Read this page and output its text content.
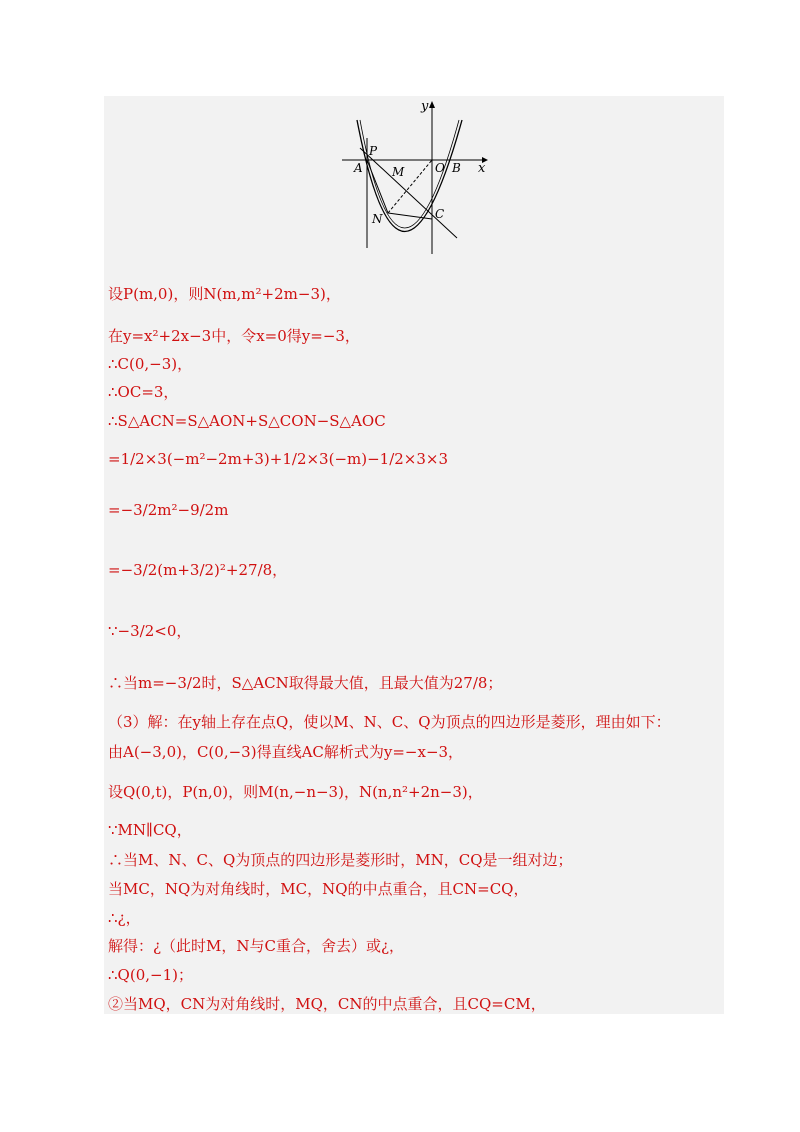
y
x
P
A M	O B
N	C
设P(m,0)，则N(m,m²+2m−3)，
在y=x²+2x−3中，令x=0得y=−3，
∴C(0,−3)，
∴OC=3，
∴S△ACN=S△AON+S△CON−S△AOC
=1/2×3(−m²−2m+3)+1/2×3(−m)−1/2×3×3
=−3/2m²−9/2m
=−3/2(m+3/2)²+27/8，
∵−3/2<0，
∴当m=−3/2时，S△ACN取得最大值，且最大值为27/8；
（3）解：在y轴上存在点Q，使以M、N、C、Q为顶点的四边形是菱形，理由如下：
由A(−3,0)，C(0,−3)得直线AC解析式为y=−x−3，
设Q(0,t)，P(n,0)，则M(n,−n−3)，N(n,n²+2n−3)，
∵MN∥CQ，
∴当M、N、C、Q为顶点的四边形是菱形时，MN，CQ是一组对边；
当MC，NQ为对角线时，MC，NQ的中点重合，且CN=CQ，
∴¿，
解得：¿（此时M，N与C重合，舍去）或¿，
∴Q(0,−1)；
②当MQ，CN为对角线时，MQ，CN的中点重合，且CQ=CM，
